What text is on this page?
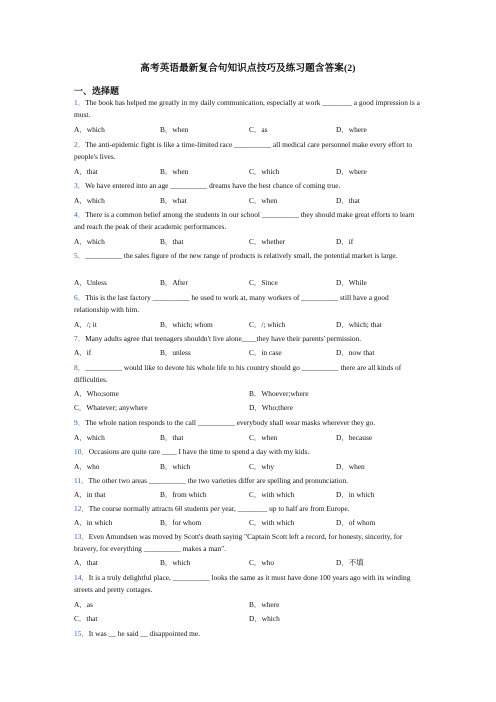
高考英语最新复合句知识点技巧及练习题含答案(2)
一、选择题
1．The book has helped me greatly in my daily communication, especially at work ________ a good impression is a must.
A．which	B．when	C．as	D．where
2．The anti-epidemic fight is like a time-limited race __________ all medical care personnel make every effort to people's lives.
A．that	B．when	C．which	D．where
3．We have entered into an age __________ dreams have the best chance of coming true.
A．which	B．what	C．when	D．that
4．There is a common belief among the students in our school __________ they should make great efforts to learn and reach the peak of their academic performances.
A．which	B．that	C．whether	D．if
5．__________ the sales figure of the new range of products is relatively small, the potential market is large.
A．Unless	B．After	C．Since	D．While
6．This is the last factory __________ he used to work at, many workers of __________ still have a good relationship with him.
A．/; it	B．which; whom	C．/; which	D．which; that
7．Many adults agree that teenagers shouldn't live alone____they have their parents' permission.
A．if	B．unless	C．in case	D．now that
8．__________ would like to devote his whole life to his country should go __________ there are all kinds of difficulties.
A．Who;some	B．Whoever;where
C．Whatever; anywhere	D．Who;there
9．The whole nation responds to the call __________ everybody shall wear masks wherever they go.
A．which	B．that	C．when	D．because
10．Occasions are quite rare ____ I have the time to spend a day with my kids.
A．who	B．which	C．why	D．when
11．The other two areas __________ the two varieties differ are spelling and pronunciation.
A．in that	B．from which	C．with which	D．in which
12．The course normally attracts 60 students per year, ________ up to half are from Europe.
A．in which	B．for whom	C．with which	D．of whom
13．Even Amundsen was moved by Scott's death saying "Captain Scott left a record, for honesty, sincerity, for bravery, for everything __________ makes a man".
A．that	B．which	C．who	D．不填
14．It is a truly delightful place, __________ looks the same as it must have done 100 years ago with its winding streets and pretty cottages.
A．as	B．where
C．that	D．which
15．It was __ he said __ disappointed me.
